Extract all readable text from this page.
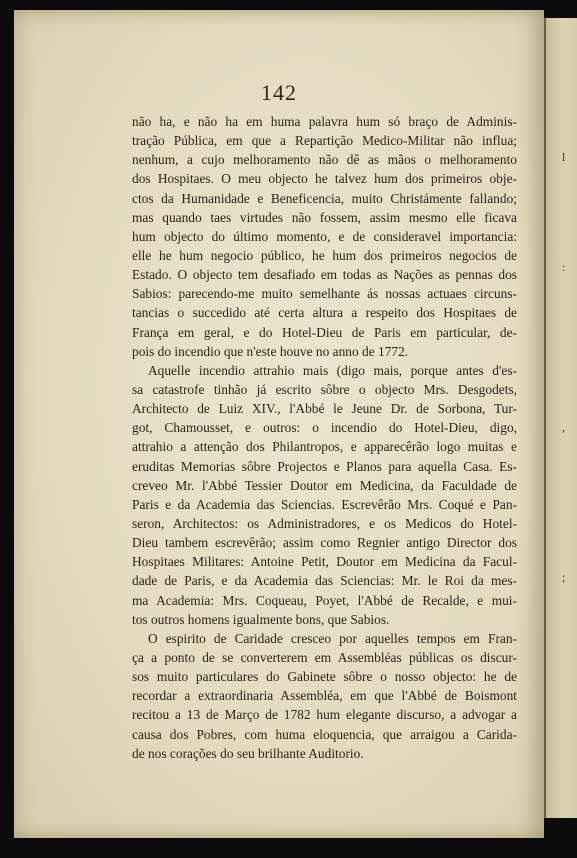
l
:
,
;
142
não ha, e não ha em huma palavra hum só braço de Adminis-
tração Pública, em que a Repartição Medico-Militar não influa;
nenhum, a cujo melhoramento não dê as mãos o melhoramento
dos Hospitaes. O meu objecto he talvez hum dos primeiros obje-
ctos da Humanidade e Beneficencia, muito Christámente fallando;
mas quando taes virtudes não fossem, assim mesmo elle ficava
hum objecto do último momento, e de consideravel importancia:
elle he hum negocio público, he hum dos primeiros negocios de
Estado. O objecto tem desafiado em todas as Nações as pennas dos
Sabios: parecendo-me muito semelhante ás nossas actuaes circuns-
tancias o succedido até certa altura a respeito dos Hospitaes de
França em geral, e do Hotel-Dieu de Paris em particular, de-
pois do incendio que n'este houve no anno de 1772.
Aquelle incendio attrahio mais (digo mais, porque antes d'es-
sa catastrofe tinhão já escrito sôbre o objecto Mrs. Desgodets,
Architecto de Luiz XIV., l'Abbé le Jeune Dr. de Sorbona, Tur-
got, Chamousset, e outros: o incendio do Hotel-Dieu, digo,
attrahio a attenção dos Philantropos, e apparecêrão logo muitas e
eruditas Memorias sôbre Projectos e Planos para aquella Casa. Es-
creveo Mr. l'Abbé Tessier Doutor em Medicina, da Faculdade de
Paris e da Academia das Sciencias. Escrevêrão Mrs. Coqué e Pan-
seron, Architectos: os Administradores, e os Medicos do Hotel-
Dieu tambem escrevêrão; assim como Regnier antigo Director dos
Hospitaes Militares: Antoine Petit, Doutor em Medicina da Facul-
dade de Paris, e da Academia das Sciencias: Mr. le Roi da mes-
ma Academia: Mrs. Coqueau, Poyet, l'Abbé de Recalde, e mui-
tos outros homens igualmente bons, que Sabios.
O espirito de Caridade cresceo por aquelles tempos em Fran-
ça a ponto de se converterem em Assembléas públicas os discur-
sos muito particulares do Gabinete sôbre o nosso objecto: he de
recordar a extraordinaria Assembléa, em que l'Abbé de Boismont
recitou a 13 de Março de 1782 hum elegante discurso, a advogar a
causa dos Pobres, com huma eloquencia, que arraigou a Carida-
de nos corações do seu brilhante Auditorio.
